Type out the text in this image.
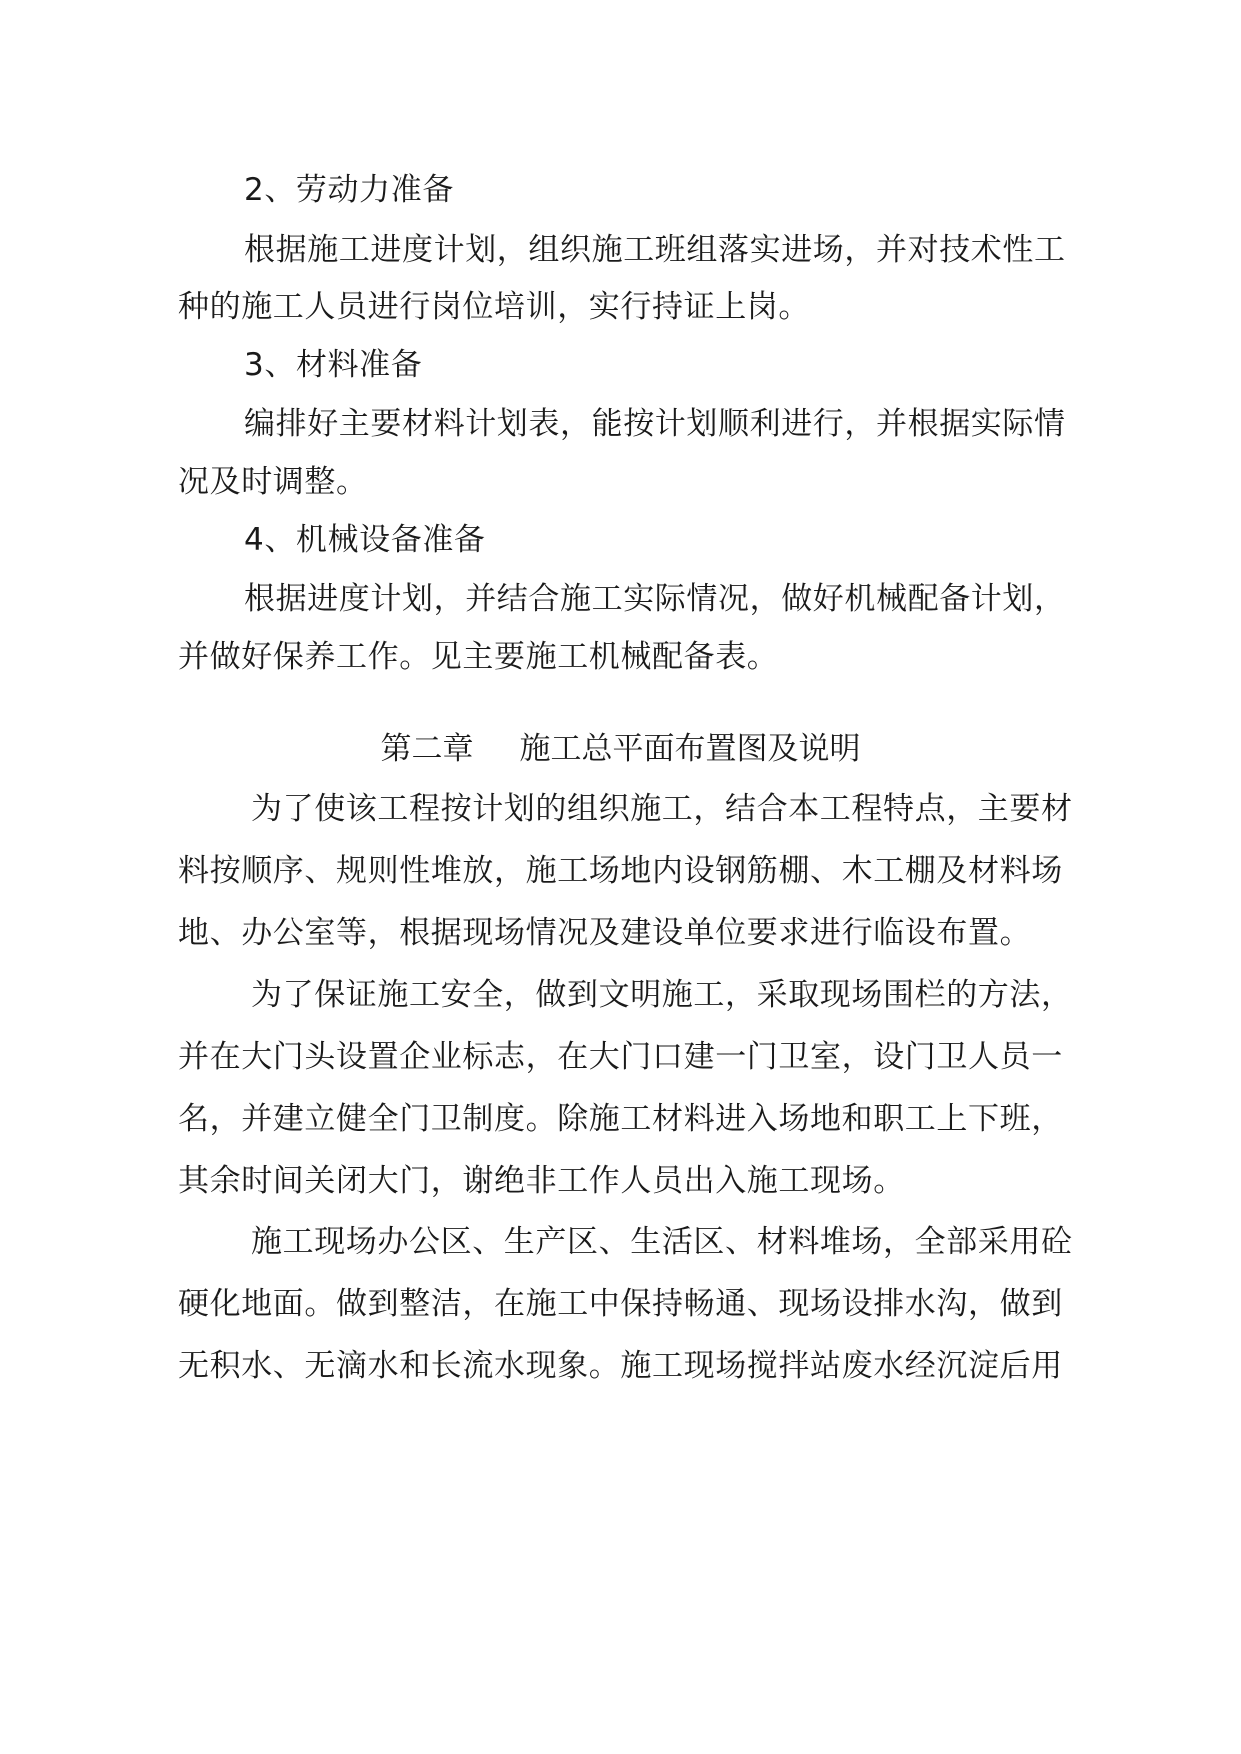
2、劳动力准备
根据施工进度计划，组织施工班组落实进场，并对技术性工
种的施工人员进行岗位培训，实行持证上岗。
3、材料准备
编排好主要材料计划表，能按计划顺利进行，并根据实际情
况及时调整。
4、机械设备准备
根据进度计划，并结合施工实际情况，做好机械配备计划，
并做好保养工作。见主要施工机械配备表。
第二章 施工总平面布置图及说明
为了使该工程按计划的组织施工，结合本工程特点，主要材
料按顺序、规则性堆放，施工场地内设钢筋棚、木工棚及材料场
地、办公室等，根据现场情况及建设单位要求进行临设布置。
为了保证施工安全，做到文明施工，采取现场围栏的方法，
并在大门头设置企业标志，在大门口建一门卫室，设门卫人员一
名，并建立健全门卫制度。除施工材料进入场地和职工上下班，
其余时间关闭大门，谢绝非工作人员出入施工现场。
施工现场办公区、生产区、生活区、材料堆场，全部采用砼
硬化地面。做到整洁，在施工中保持畅通、现场设排水沟，做到
无积水、无滴水和长流水现象。施工现场搅拌站废水经沉淀后用
